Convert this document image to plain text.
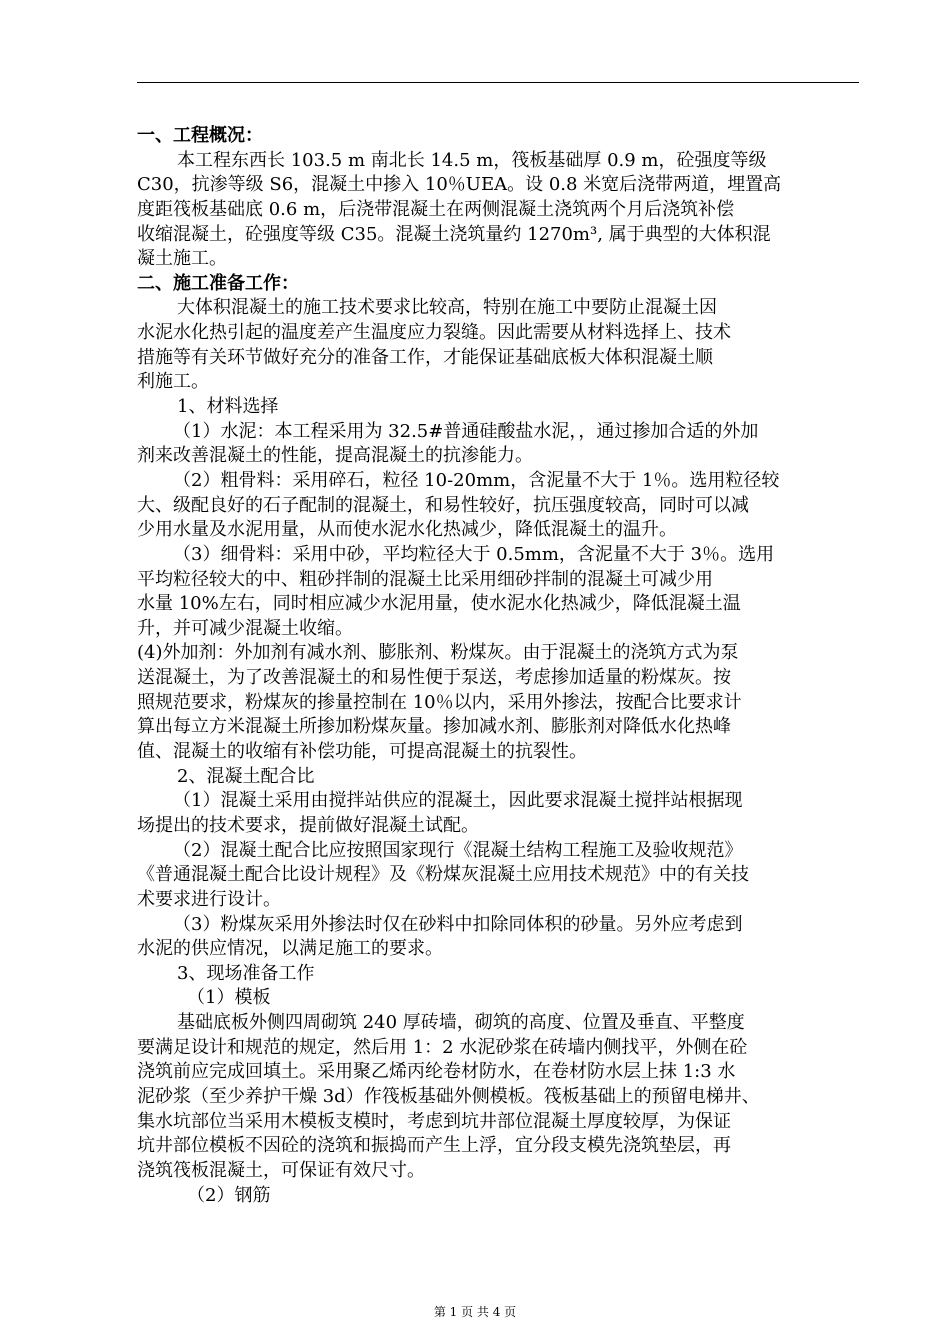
一、工程概况：
本工程东西长 103.5 m 南北长 14.5 m，筏板基础厚 0.9 m，砼强度等级
C30，抗渗等级 S6，混凝土中掺入 10％UEA。设 0.8 米宽后浇带两道，埋置高
度距筏板基础底 0.6 m，后浇带混凝土在两侧混凝土浇筑两个月后浇筑补偿
收缩混凝土，砼强度等级 C35。混凝土浇筑量约 1270m³, 属于典型的大体积混
凝土施工。
二、施工准备工作：
大体积混凝土的施工技术要求比较高，特别在施工中要防止混凝土因
水泥水化热引起的温度差产生温度应力裂缝。因此需要从材料选择上、技术
措施等有关环节做好充分的准备工作，才能保证基础底板大体积混凝土顺
利施工。
1、材料选择
（1）水泥：本工程采用为 32.5#普通硅酸盐水泥，，通过掺加合适的外加
剂来改善混凝土的性能，提高混凝土的抗渗能力。
（2）粗骨料：采用碎石，粒径 10-20mm，含泥量不大于 1％。选用粒径较
大、级配良好的石子配制的混凝土，和易性较好，抗压强度较高，同时可以减
少用水量及水泥用量，从而使水泥水化热减少，降低混凝土的温升。
（3）细骨料：采用中砂，平均粒径大于 0.5mm，含泥量不大于 3％。选用
平均粒径较大的中、粗砂拌制的混凝土比采用细砂拌制的混凝土可减少用
水量 10%左右，同时相应减少水泥用量，使水泥水化热减少，降低混凝土温
升，并可减少混凝土收缩。
(4)外加剂：外加剂有减水剂、膨胀剂、粉煤灰。由于混凝土的浇筑方式为泵
送混凝土，为了改善混凝土的和易性便于泵送，考虑掺加适量的粉煤灰。按
照规范要求，粉煤灰的掺量控制在 10％以内，采用外掺法，按配合比要求计
算出每立方米混凝土所掺加粉煤灰量。掺加减水剂、膨胀剂对降低水化热峰
值、混凝土的收缩有补偿功能，可提高混凝土的抗裂性。
2、混凝土配合比
（1）混凝土采用由搅拌站供应的混凝土，因此要求混凝土搅拌站根据现
场提出的技术要求，提前做好混凝土试配。
（2）混凝土配合比应按照国家现行《混凝土结构工程施工及验收规范》
《普通混凝土配合比设计规程》及《粉煤灰混凝土应用技术规范》中的有关技
术要求进行设计。
（3）粉煤灰采用外掺法时仅在砂料中扣除同体积的砂量。另外应考虑到
水泥的供应情况，以满足施工的要求。
3、现场准备工作
（1）模板
基础底板外侧四周砌筑 240 厚砖墙，砌筑的高度、位置及垂直、平整度
要满足设计和规范的规定，然后用 1：2 水泥砂浆在砖墙内侧找平，外侧在砼
浇筑前应完成回填土。采用聚乙烯丙纶卷材防水，在卷材防水层上抹 1:3 水
泥砂浆（至少养护干燥 3d）作筏板基础外侧模板。筏板基础上的预留电梯井、
集水坑部位当采用木模板支模时，考虑到坑井部位混凝土厚度较厚，为保证
坑井部位模板不因砼的浇筑和振捣而产生上浮，宜分段支模先浇筑垫层，再
浇筑筏板混凝土，可保证有效尺寸。
（2）钢筋
第 1 页 共 4 页
